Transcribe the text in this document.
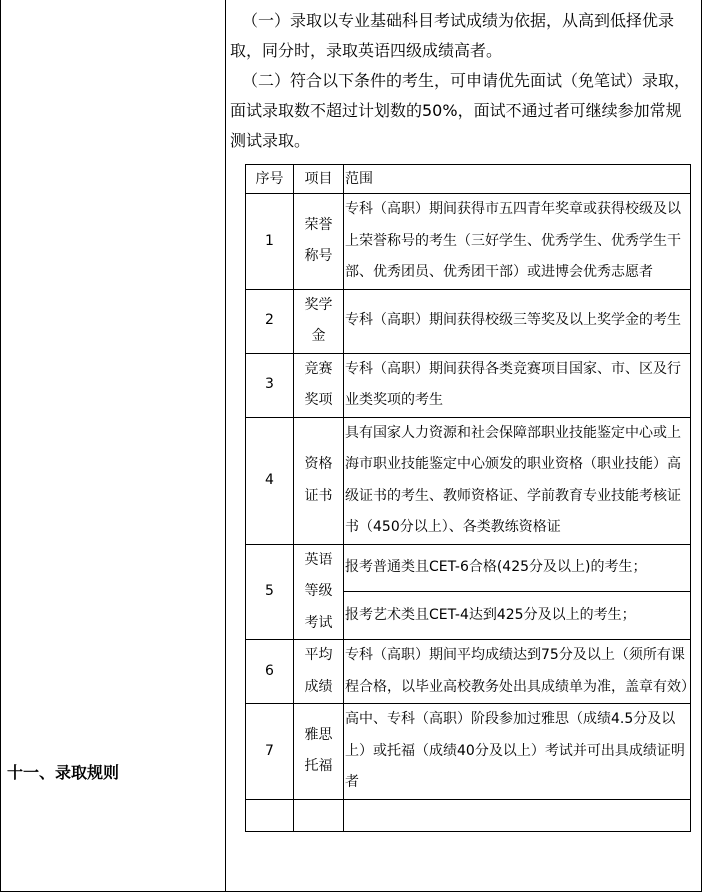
十一、录取规则

（一）录取以专业基础科目考试成绩为依据，从高到低择优录取，同分时，录取英语四级成绩高者。

（二）符合以下条件的考生，可申请优先面试（免笔试）录取，面试录取数不超过计划数的50%，面试不通过者可继续参加常规测试录取。

序号	项目	范围
1	荣誉称号	专科（高职）期间获得市五四青年奖章或获得校级及以上荣誉称号的考生（三好学生、优秀学生、优秀学生干部、优秀团员、优秀团干部）或进博会优秀志愿者
2	奖学金	专科（高职）期间获得校级三等奖及以上奖学金的考生
3	竞赛奖项	专科（高职）期间获得各类竞赛项目国家、市、区及行业类奖项的考生
4	资格证书	具有国家人力资源和社会保障部职业技能鉴定中心或上海市职业技能鉴定中心颁发的职业资格（职业技能）高级证书的考生、教师资格证、学前教育专业技能考核证书（450分以上）、各类教练资格证
5	英语等级考试	报考普通类且CET-6合格(425分及以上)的考生；
报考艺术类且CET-4达到425分及以上的考生；
6	平均成绩	专科（高职）期间平均成绩达到75分及以上（须所有课程合格，以毕业高校教务处出具成绩单为准，盖章有效）
7	雅思托福	高中、专科（高职）阶段参加过雅思（成绩4.5分及以上）或托福（成绩40分及以上）考试并可出具成绩证明者
